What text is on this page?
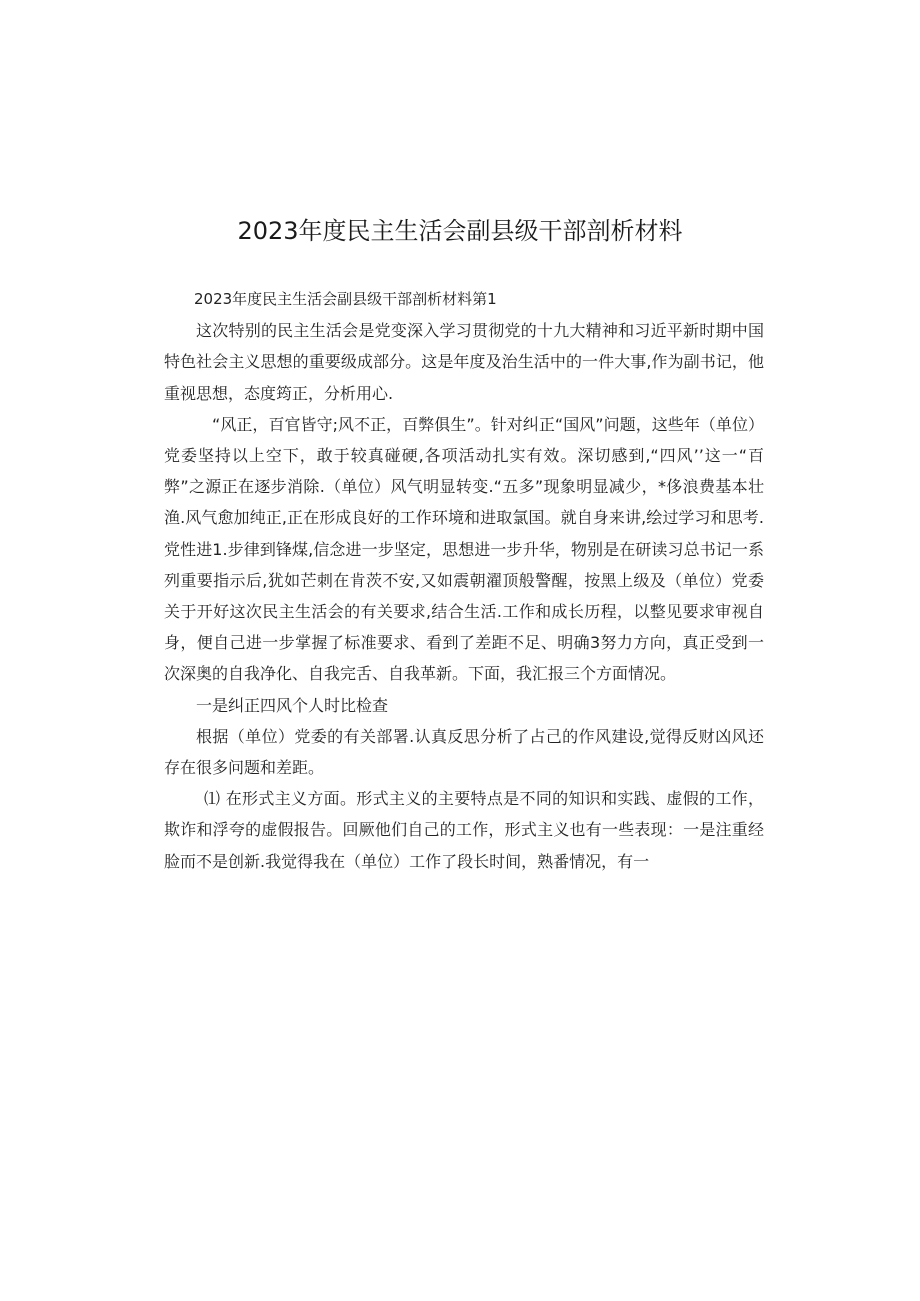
2023年度民主生活会副县级干部剖析材料

2023年度民主生活会副县级干部剖析材料第1

这次特别的民主生活会是党变深入学习贯彻党的十九大精神和习近平新时期中国特色社会主义思想的重要级成部分。这是年度及治生活中的一件大事,作为副书记，他重视思想，态度筠正，分析用心.

“风正，百官皆守;风不正，百弊俱生”。针对纠正“国风”问题，这些年（单位）党委坚持以上空下，敢于较真碰硬,各项活动扎实有效。深切感到,“四风’’这一“百弊”之源正在逐步消除.（单位）风气明显转变.“五多”现象明显减少，*侈浪费基本壮渔.风气愈加纯正,正在形成良好的工作环境和进取氯国。就自身来讲,绘过学习和思考.党性进1.步律到锋煤,信念进一步坚定，思想进一步升华，物别是在研读习总书记一系列重要指示后,犹如芒刺在肯茨不安,又如震朝濯顶般警醒，按黑上级及（单位）党委关于开好这次民主生活会的有关要求,结合生活.工作和成长历程，以整见要求审视自身，便自己进一步掌握了标准要求、看到了差距不足、明确3努力方向，真正受到一次深奥的自我净化、自我完舌、自我革新。下面，我汇报三个方面情况。

一是纠正四风个人时比检查

根据（单位）党委的有关部署.认真反思分析了占己的作风建设,觉得反财凶风还存在很多问题和差距。

⑴ 在形式主义方面。形式主义的主要特点是不同的知识和实践、虚假的工作，欺诈和浮夸的虚假报告。回厥他们自己的工作，形式主义也有一些表现：一是注重经脸而不是创新.我觉得我在（单位）工作了段长时间，熟番情况，有一
